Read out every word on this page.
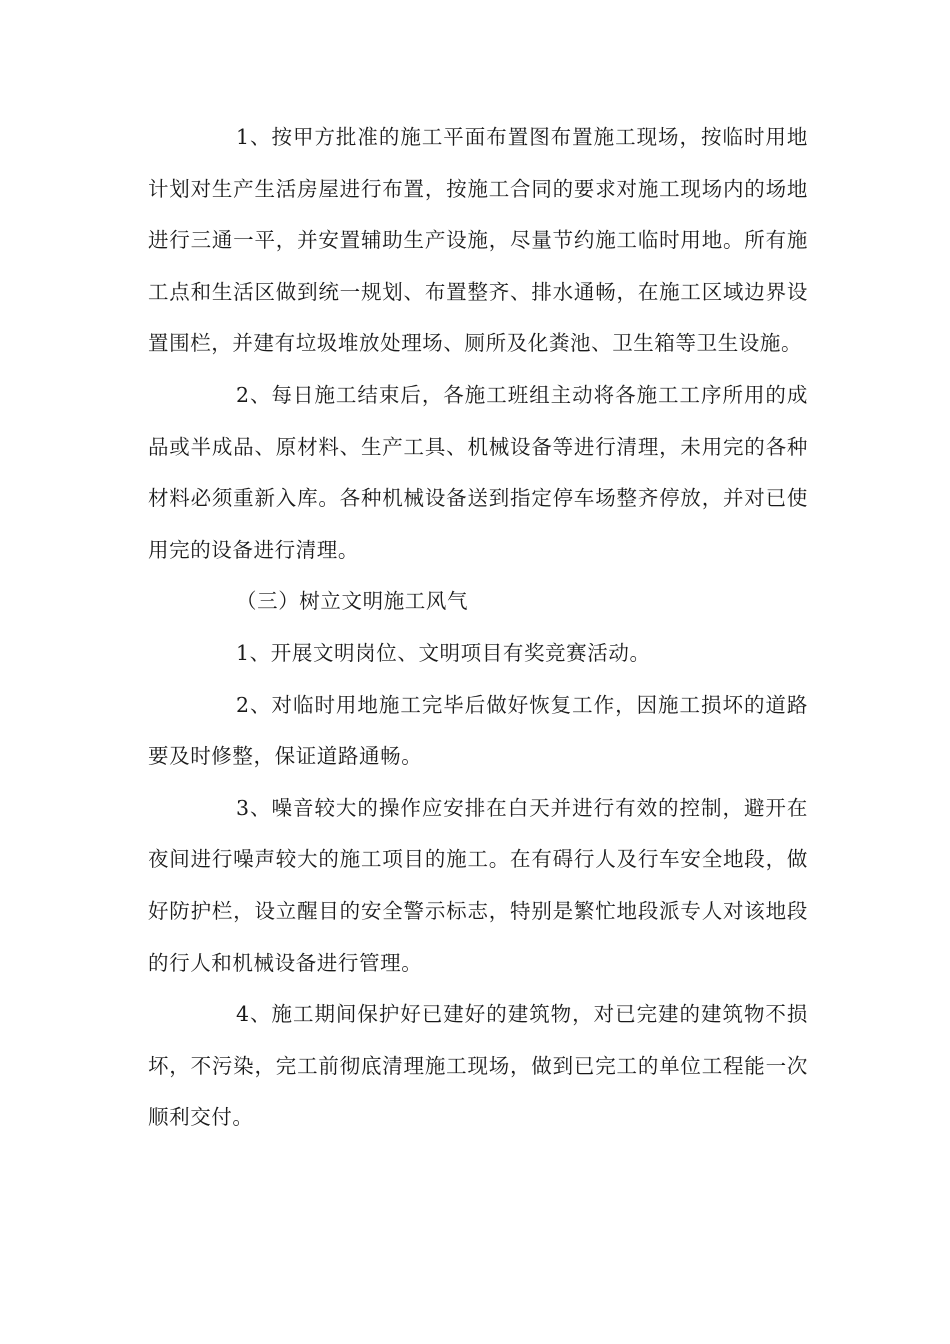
1、按甲方批准的施工平面布置图布置施工现场，按临时用地计划对生产生活房屋进行布置，按施工合同的要求对施工现场内的场地进行三通一平，并安置辅助生产设施，尽量节约施工临时用地。所有施工点和生活区做到统一规划、布置整齐、排水通畅，在施工区域边界设置围栏，并建有垃圾堆放处理场、厕所及化粪池、卫生箱等卫生设施。

2、每日施工结束后，各施工班组主动将各施工工序所用的成品或半成品、原材料、生产工具、机械设备等进行清理，未用完的各种材料必须重新入库。各种机械设备送到指定停车场整齐停放，并对已使用完的设备进行清理。

（三）树立文明施工风气

1、开展文明岗位、文明项目有奖竞赛活动。

2、对临时用地施工完毕后做好恢复工作，因施工损坏的道路要及时修整，保证道路通畅。

3、噪音较大的操作应安排在白天并进行有效的控制，避开在夜间进行噪声较大的施工项目的施工。在有碍行人及行车安全地段，做好防护栏，设立醒目的安全警示标志，特别是繁忙地段派专人对该地段的行人和机械设备进行管理。

4、施工期间保护好已建好的建筑物，对已完建的建筑物不损坏，不污染，完工前彻底清理施工现场，做到已完工的单位工程能一次顺利交付。
